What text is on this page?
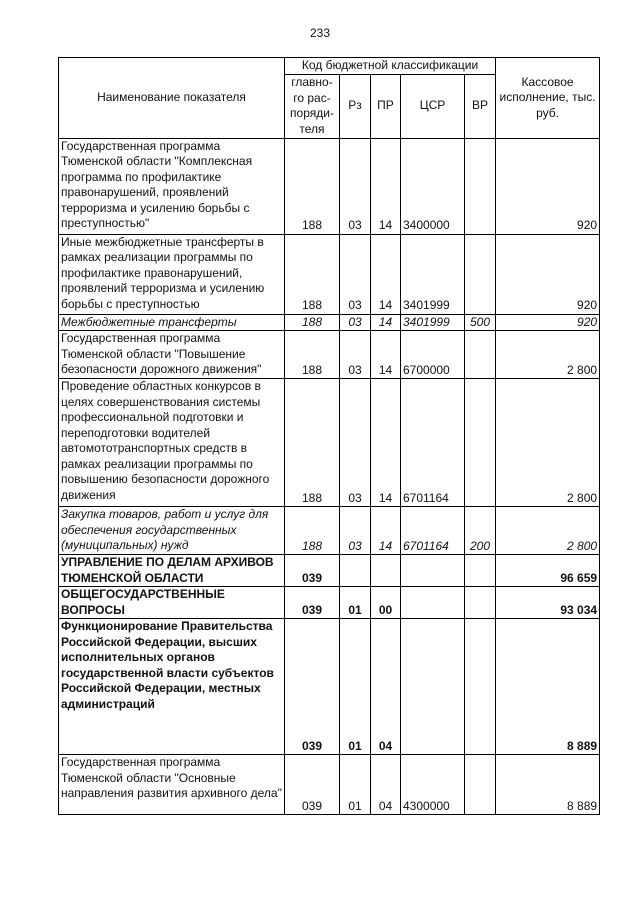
233
Наименование показателя	Код бюджетной классификации					Кассовое исполнение, тыс. руб.
	главно-го рас-поряди-теля	Рз	ПР	ЦСР	ВР	
Государственная программа Тюменской области "Комплексная программа по профилактике правонарушений, проявлений терроризма и усилению борьбы с преступностью"	188	03	14	3400000		920
Иные межбюджетные трансферты в рамках реализации программы по профилактике правонарушений, проявлений терроризма и усилению борьбы с преступностью	188	03	14	3401999		920
Межбюджетные трансферты	188	03	14	3401999	500	920
Государственная программа Тюменской области "Повышение безопасности дорожного движения"	188	03	14	6700000		2 800
Проведение областных конкурсов в целях совершенствования системы профессиональной подготовки и переподготовки водителей автомототранспортных средств в рамках реализации программы по повышению безопасности дорожного движения	188	03	14	6701164		2 800
Закупка товаров, работ и услуг для обеспечения государственных (муниципальных) нужд	188	03	14	6701164	200	2 800
УПРАВЛЕНИЕ ПО ДЕЛАМ АРХИВОВ ТЮМЕНСКОЙ ОБЛАСТИ	039					96 659
ОБЩЕГОСУДАРСТВЕННЫЕ ВОПРОСЫ	039	01	00			93 034
Функционирование Правительства Российской Федерации, высших исполнительных органов государственной власти субъектов Российской Федерации, местных администраций	039	01	04			8 889
Государственная программа Тюменской области "Основные направления развития архивного дела"	039	01	04	4300000		8 889
